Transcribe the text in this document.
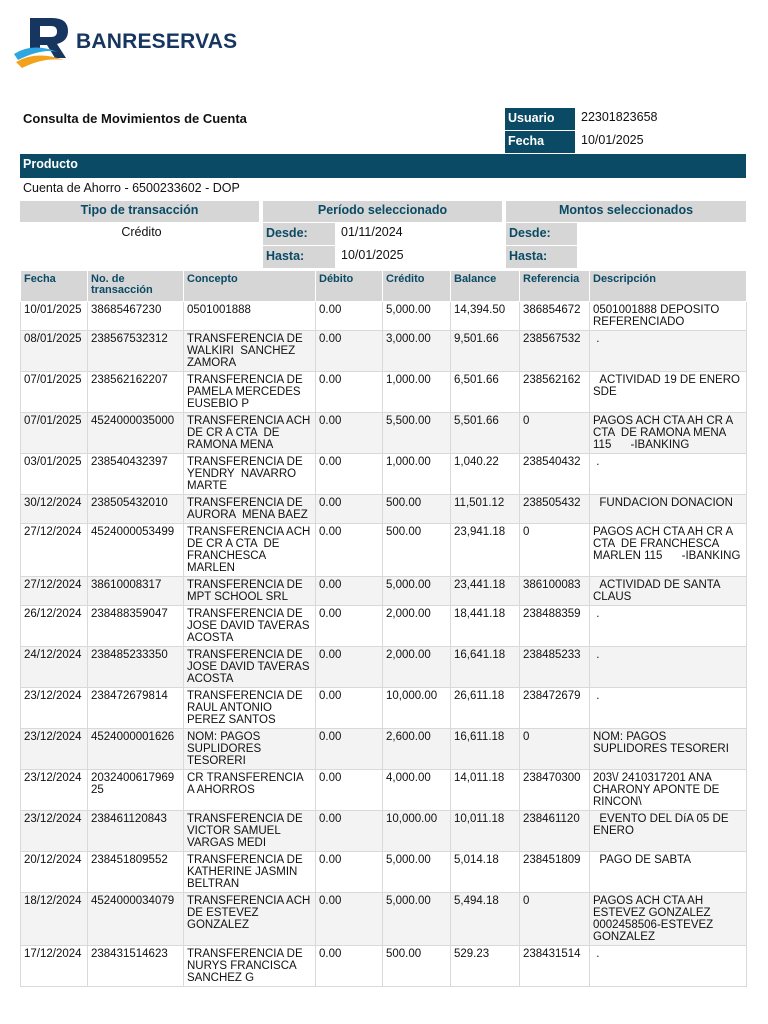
BANRESERVAS
Consulta de Movimientos de Cuenta	Usuario	22301823658
Fecha	10/01/2025
Producto
Cuenta de Ahorro - 6500233602 - DOP
Tipo de transacción	Período seleccionado	Montos seleccionados
Crédito	Desde:	01/11/2024	Desde:
Hasta:	10/01/2025	Hasta:
Fecha	No. de transacción	Concepto	Débito	Crédito	Balance	Referencia	Descripción
10/01/2025	38685467230	0501001888	0.00	5,000.00	14,394.50	386854672	0501001888 DEPOSITO REFERENCIADO
08/01/2025	238567532312	TRANSFERENCIA DE WALKIRI  SANCHEZ ZAMORA	0.00	3,000.00	9,501.66	238567532	.
07/01/2025	238562162207	TRANSFERENCIA DE PAMELA MERCEDES EUSEBIO P	0.00	1,000.00	6,501.66	238562162	ACTIVIDAD 19 DE ENERO SDE
07/01/2025	4524000035000	TRANSFERENCIA ACH DE CR A CTA  DE RAMONA MENA	0.00	5,500.00	5,501.66	0	PAGOS ACH CTA AH CR A CTA  DE RAMONA MENA 115      -IBANKING
03/01/2025	238540432397	TRANSFERENCIA DE YENDRY  NAVARRO MARTE	0.00	1,000.00	1,040.22	238540432	.
30/12/2024	238505432010	TRANSFERENCIA DE AURORA  MENA BAEZ	0.00	500.00	11,501.12	238505432	FUNDACION DONACION
27/12/2024	4524000053499	TRANSFERENCIA ACH DE CR A CTA  DE FRANCHESCA MARLEN	0.00	500.00	23,941.18	0	PAGOS ACH CTA AH CR A CTA  DE FRANCHESCA MARLEN 115      -IBANKING
27/12/2024	38610008317	TRANSFERENCIA DE MPT SCHOOL SRL	0.00	5,000.00	23,441.18	386100083	ACTIVIDAD DE SANTA CLAUS
26/12/2024	238488359047	TRANSFERENCIA DE JOSE DAVID TAVERAS ACOSTA	0.00	2,000.00	18,441.18	238488359	.
24/12/2024	238485233350	TRANSFERENCIA DE JOSE DAVID TAVERAS ACOSTA	0.00	2,000.00	16,641.18	238485233	.
23/12/2024	238472679814	TRANSFERENCIA DE RAUL ANTONIO PEREZ SANTOS	0.00	10,000.00	26,611.18	238472679	.
23/12/2024	4524000001626	NOM: PAGOS SUPLIDORES TESORERI	0.00	2,600.00	16,611.18	0	NOM: PAGOS SUPLIDORES TESORERI
23/12/2024	203240061796925	CR TRANSFERENCIA A AHORROS	0.00	4,000.00	14,011.18	238470300	203\/ 2410317201 ANA CHARONY APONTE DE RINCON\
23/12/2024	238461120843	TRANSFERENCIA DE VICTOR SAMUEL VARGAS MEDI	0.00	10,000.00	10,011.18	238461120	EVENTO DEL DíA 05 DE ENERO
20/12/2024	238451809552	TRANSFERENCIA DE KATHERINE JASMIN BELTRAN	0.00	5,000.00	5,014.18	238451809	PAGO DE SABTA
18/12/2024	4524000034079	TRANSFERENCIA ACH DE ESTEVEZ GONZALEZ	0.00	5,000.00	5,494.18	0	PAGOS ACH CTA AH ESTEVEZ GONZALEZ 0002458506-ESTEVEZ GONZALEZ
17/12/2024	238431514623	TRANSFERENCIA DE NURYS FRANCISCA SANCHEZ G	0.00	500.00	529.23	238431514	.
